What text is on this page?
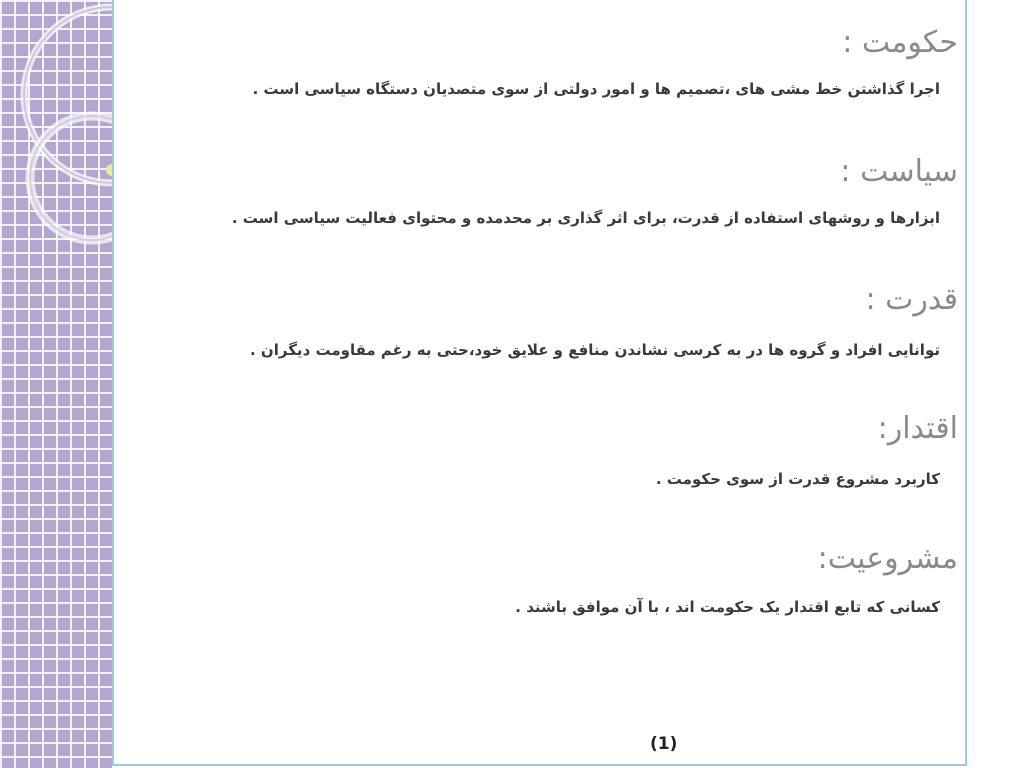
حکومت :
اجرا گذاشتن خط مشی های ،تصمیم ها و امور دولتی از سوی متصدیان دستگاه سیاسی است .
سیاست :
ابزارها و روشهای استفاده از قدرت، برای اثر گذاری بر محدمده و محتوای فعالیت سیاسی است .
قدرت :
توانایی افراد و گروه ها در به کرسی نشاندن منافع و علایق خود،حتی به رغم مقاومت دیگران .
اقتدار:
کاربرد مشروع قدرت از سوی حکومت .
مشروعیت:
کسانی که تابع اقتدار یک حکومت اند ، با آن موافق باشند .
(1)
